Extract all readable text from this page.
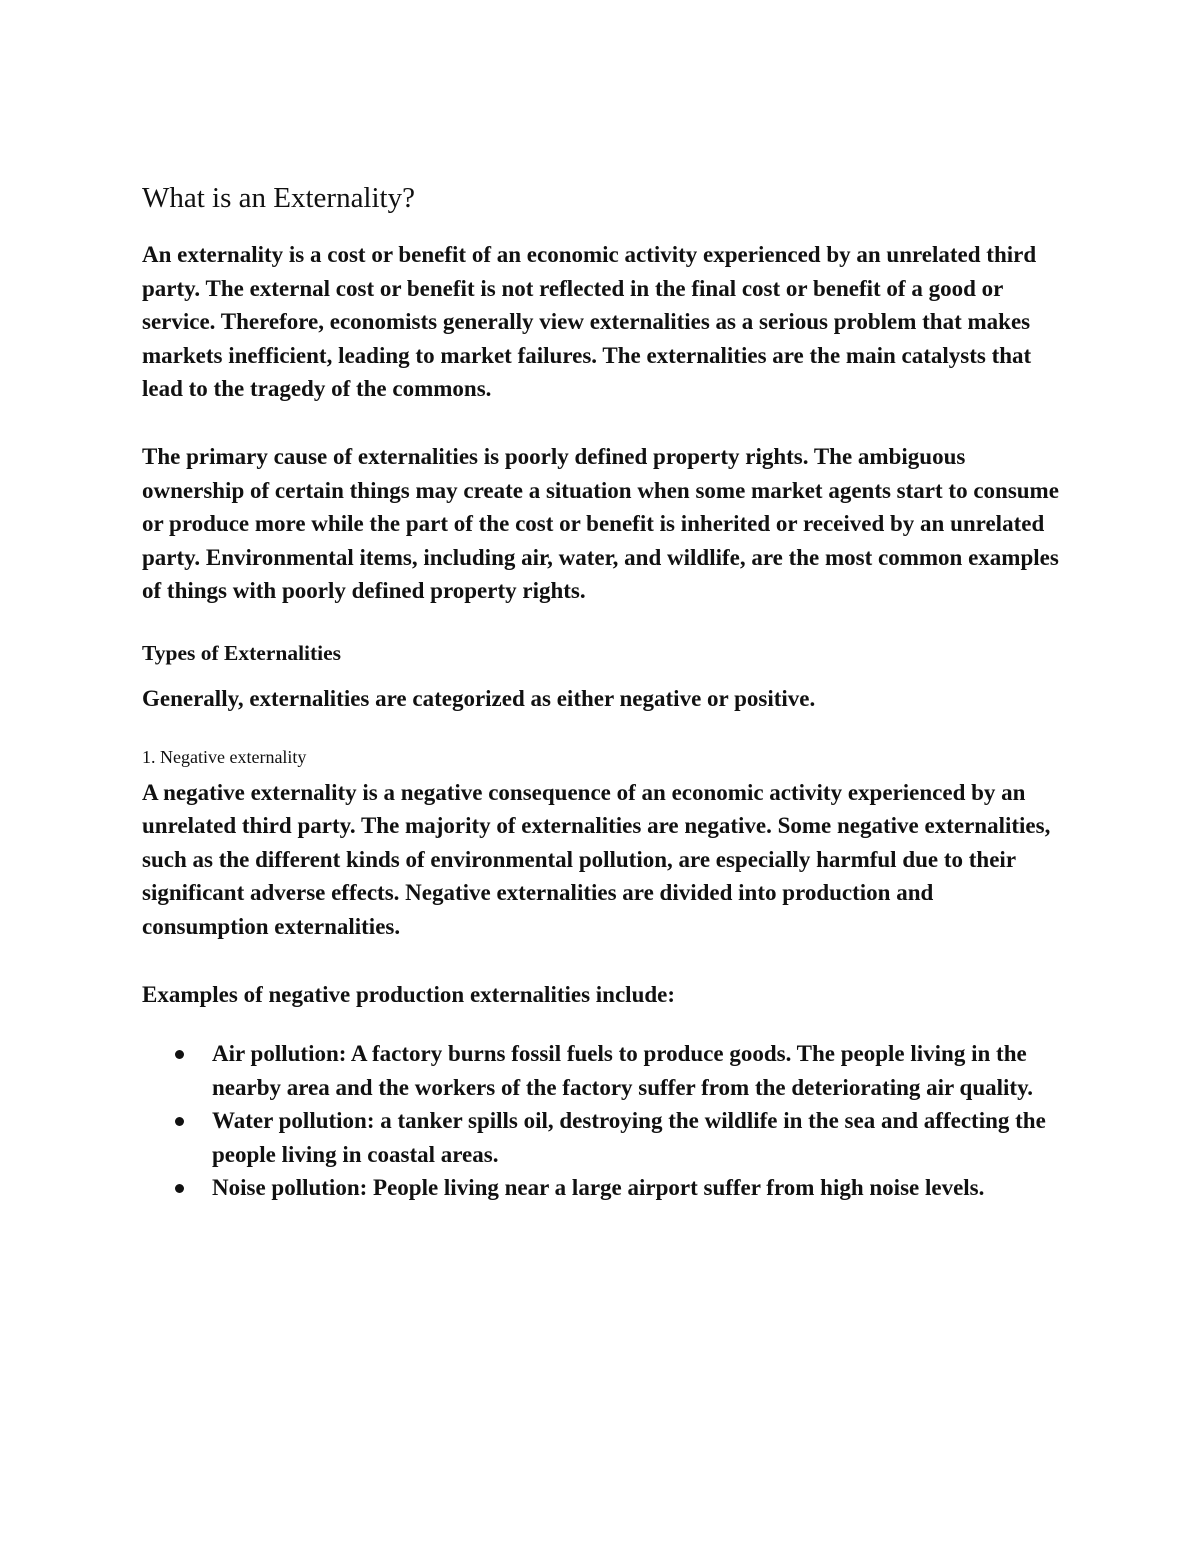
What is an Externality?

An externality is a cost or benefit of an economic activity experienced by an unrelated third party. The external cost or benefit is not reflected in the final cost or benefit of a good or service. Therefore, economists generally view externalities as a serious problem that makes markets inefficient, leading to market failures. The externalities are the main catalysts that lead to the tragedy of the commons.

The primary cause of externalities is poorly defined property rights. The ambiguous ownership of certain things may create a situation when some market agents start to consume or produce more while the part of the cost or benefit is inherited or received by an unrelated party. Environmental items, including air, water, and wildlife, are the most common examples of things with poorly defined property rights.

Types of Externalities

Generally, externalities are categorized as either negative or positive.

1. Negative externality

A negative externality is a negative consequence of an economic activity experienced by an unrelated third party. The majority of externalities are negative. Some negative externalities, such as the different kinds of environmental pollution, are especially harmful due to their significant adverse effects. Negative externalities are divided into production and consumption externalities.

Examples of negative production externalities include:

Air pollution: A factory burns fossil fuels to produce goods. The people living in the nearby area and the workers of the factory suffer from the deteriorating air quality.
Water pollution: a tanker spills oil, destroying the wildlife in the sea and affecting the people living in coastal areas.
Noise pollution: People living near a large airport suffer from high noise levels.
